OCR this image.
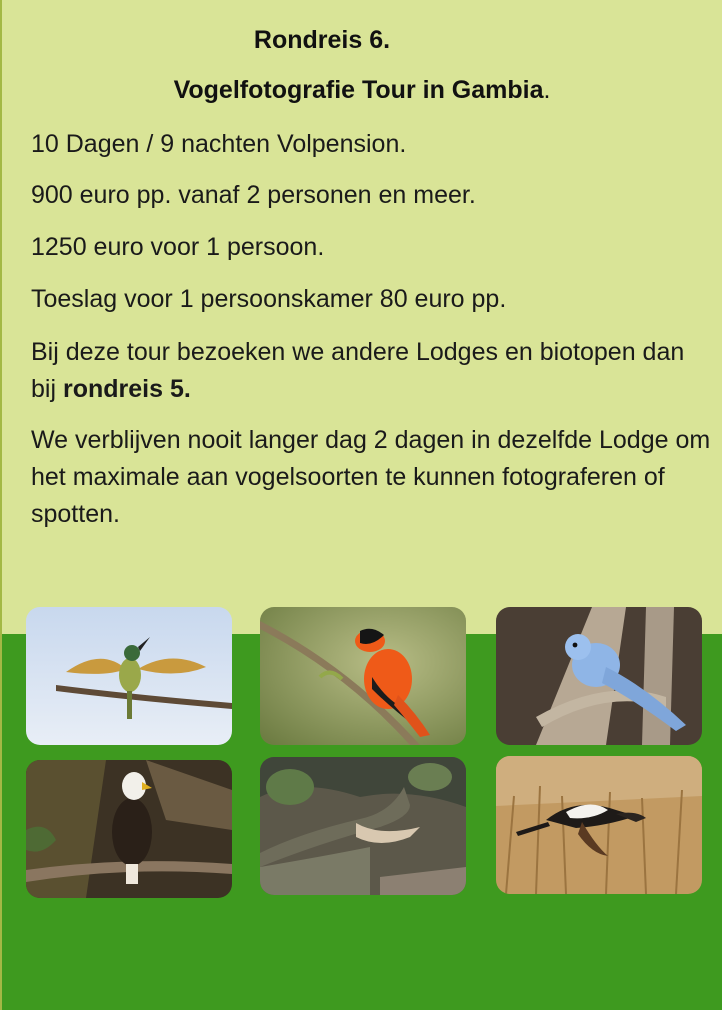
Rondreis 6.
Vogelfotografie Tour in Gambia.
10 Dagen / 9 nachten Volpension.
900 euro pp. vanaf 2 personen en meer.
1250 euro voor 1 persoon.
Toeslag voor 1 persoonskamer 80 euro pp.
Bij deze tour bezoeken we andere Lodges en biotopen dan bij rondreis 5.
We verblijven nooit langer dag 2 dagen in dezelfde Lodge om het maximale aan vogelsoorten te kunnen fotograferen of spotten.
